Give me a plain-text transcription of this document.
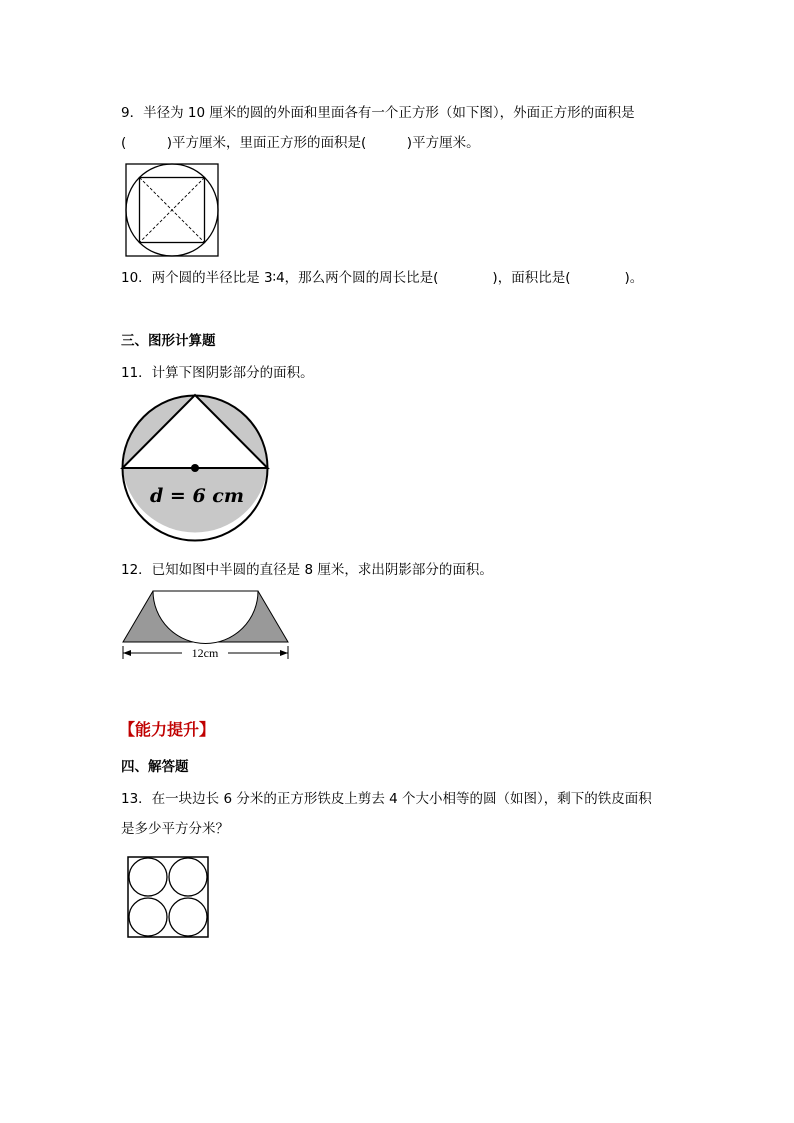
9．半径为 10 厘米的圆的外面和里面各有一个正方形（如下图），外面正方形的面积是
(　　　)平方厘米，里面正方形的面积是(　　　)平方厘米。
10．两个圆的半径比是 3∶4，那么两个圆的周长比是(　　　　)，面积比是(　　　　)。
三、图形计算题
11．计算下图阴影部分的面积。
d = 6 cm
12．已知如图中半圆的直径是 8 厘米，求出阴影部分的面积。
12cm
【能力提升】
四、解答题
13．在一块边长 6 分米的正方形铁皮上剪去 4 个大小相等的圆（如图），剩下的铁皮面积
是多少平方分米？
